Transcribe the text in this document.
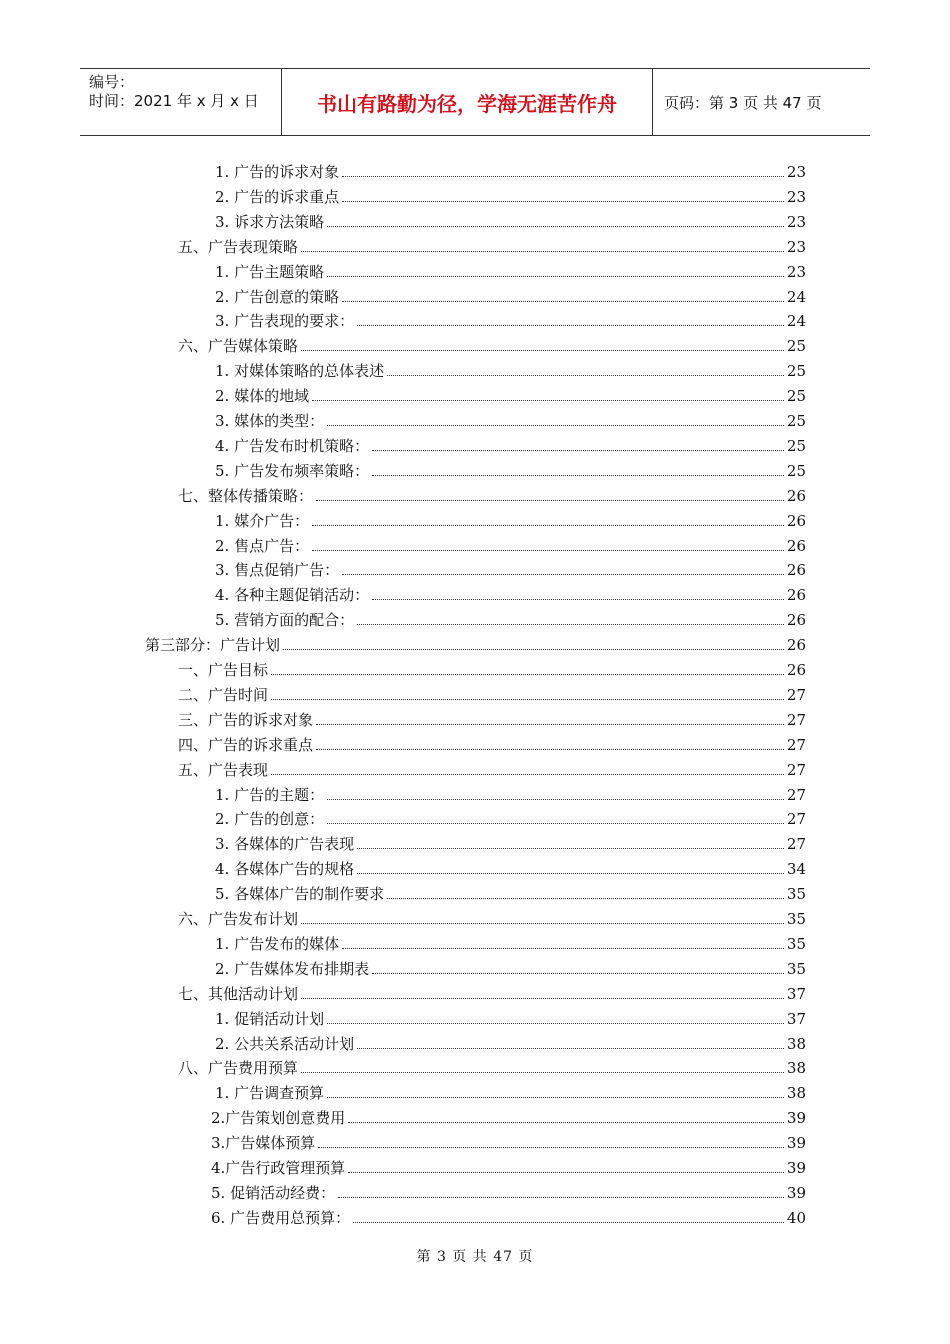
编号：
时间：2021 年 x 月 x 日	书山有路勤为径，学海无涯苦作舟	页码：第 3 页 共 47 页
1. 广告的诉求对象	23
2. 广告的诉求重点	23
3. 诉求方法策略	23
五、广告表现策略	23
1. 广告主题策略	23
2. 广告创意的策略	24
3. 广告表现的要求：	24
六、广告媒体策略	25
1. 对媒体策略的总体表述	25
2. 媒体的地域	25
3. 媒体的类型：	25
4. 广告发布时机策略：	25
5. 广告发布频率策略：	25
七、整体传播策略：	26
1. 媒介广告：	26
2. 售点广告：	26
3. 售点促销广告：	26
4. 各种主题促销活动：	26
5. 营销方面的配合：	26
第三部分：广告计划	26
一、广告目标	26
二、广告时间	27
三、广告的诉求对象	27
四、广告的诉求重点	27
五、广告表现	27
1. 广告的主题：	27
2. 广告的创意：	27
3. 各媒体的广告表现	27
4. 各媒体广告的规格	34
5. 各媒体广告的制作要求	35
六、广告发布计划	35
1. 广告发布的媒体	35
2. 广告媒体发布排期表	35
七、其他活动计划	37
1. 促销活动计划	37
2. 公共关系活动计划	38
八、广告费用预算	38
1. 广告调查预算	38
2.广告策划创意费用	39
3.广告媒体预算	39
4.广告行政管理预算	39
5. 促销活动经费：	39
6. 广告费用总预算：	40
第 3 页 共 47 页
